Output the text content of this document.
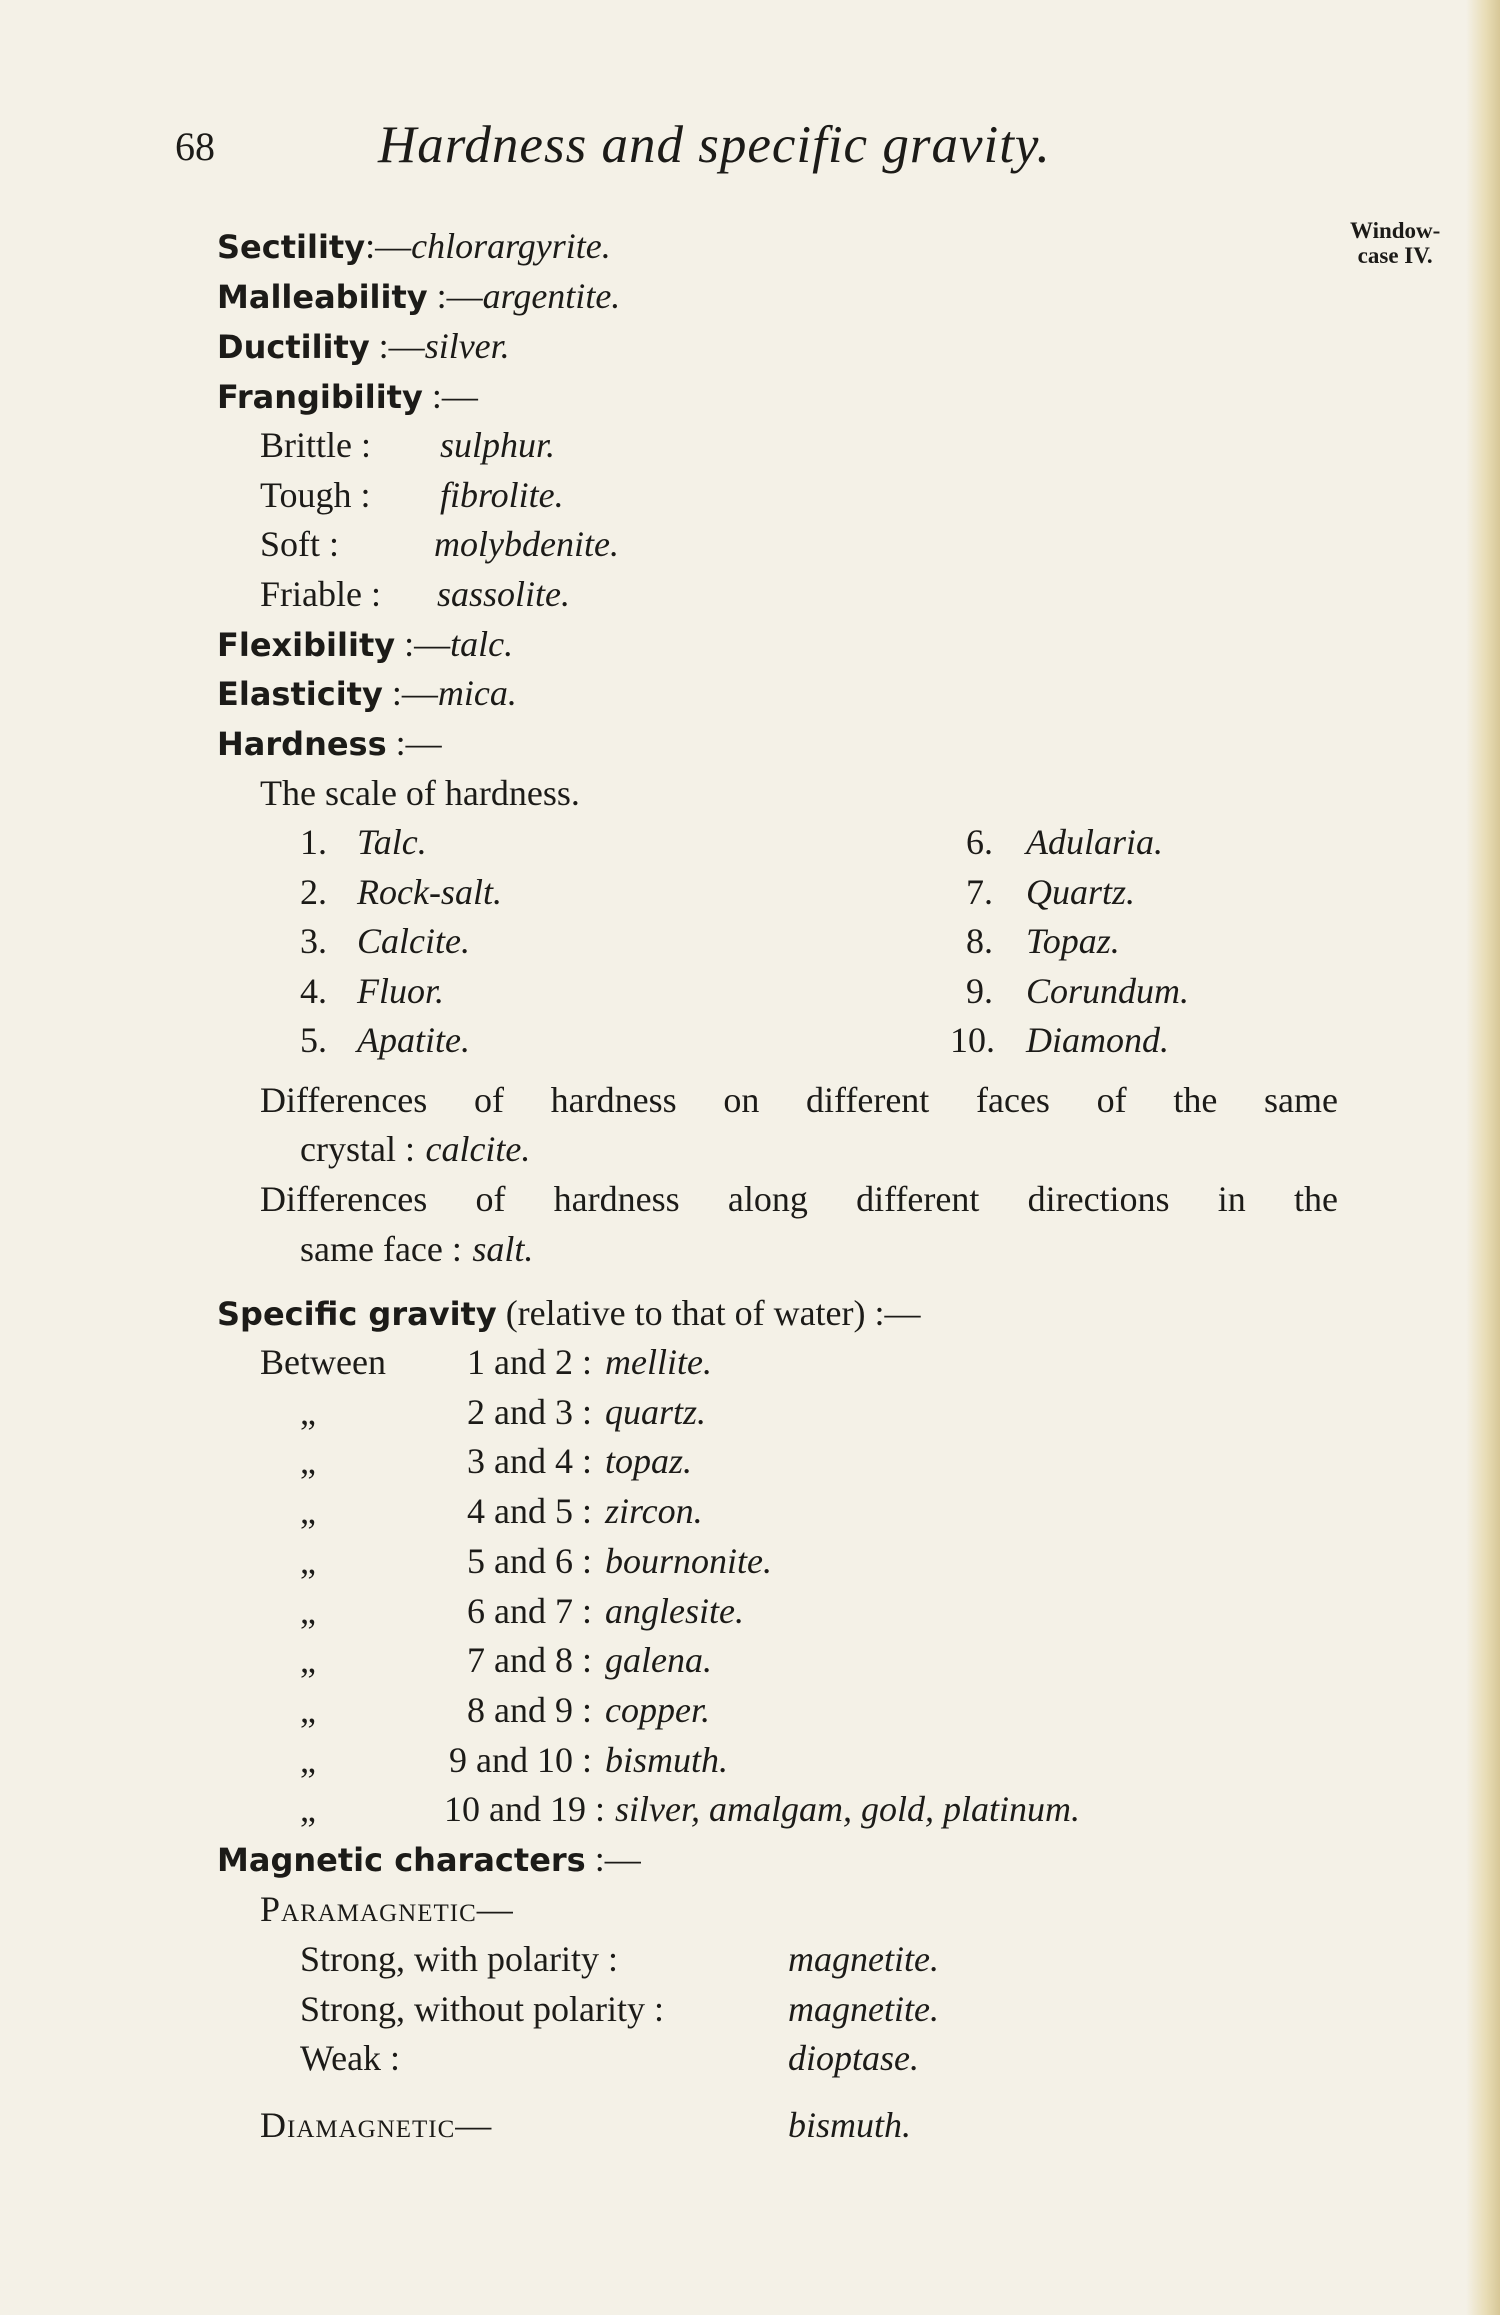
68	Hardness and specific gravity.
Window-
case IV.
Sectility:—chlorargyrite.
Malleability :—argentite.
Ductility :—silver.
Frangibility :—
Brittle : sulphur.
Tough : fibrolite.
Soft :	molybdenite.
Friable : sassolite.
Flexibility :—talc.
Elasticity :—mica.
Hardness :—
The scale of hardness.
1. Talc.
2. Rock-salt.
3. Calcite.
4. Fluor.
5. Apatite.
6. Adularia.
7. Quartz.
8. Topaz.
9. Corundum.
10. Diamond.
Differences of hardness on different faces of the same
crystal : calcite.
Differences of hardness along different directions in the
same face : salt.
Specific gravity (relative to that of water) :—
Between	1 and 2 : mellite.
„	2 and 3 : quartz.
„	3 and 4 : topaz.
„	4 and 5 : zircon.
„	5 and 6 : bournonite.
„	6 and 7 : anglesite.
„	7 and 8 : galena.
„	8 and 9 : copper.
„	9 and 10 : bismuth.
„	10 and 19 : silver, amalgam, gold, platinum.
Magnetic characters :—
Paramagnetic—
Strong, with polarity :	magnetite.
Strong, without polarity :	magnetite.
Weak :	dioptase.
Diamagnetic—	bismuth.
